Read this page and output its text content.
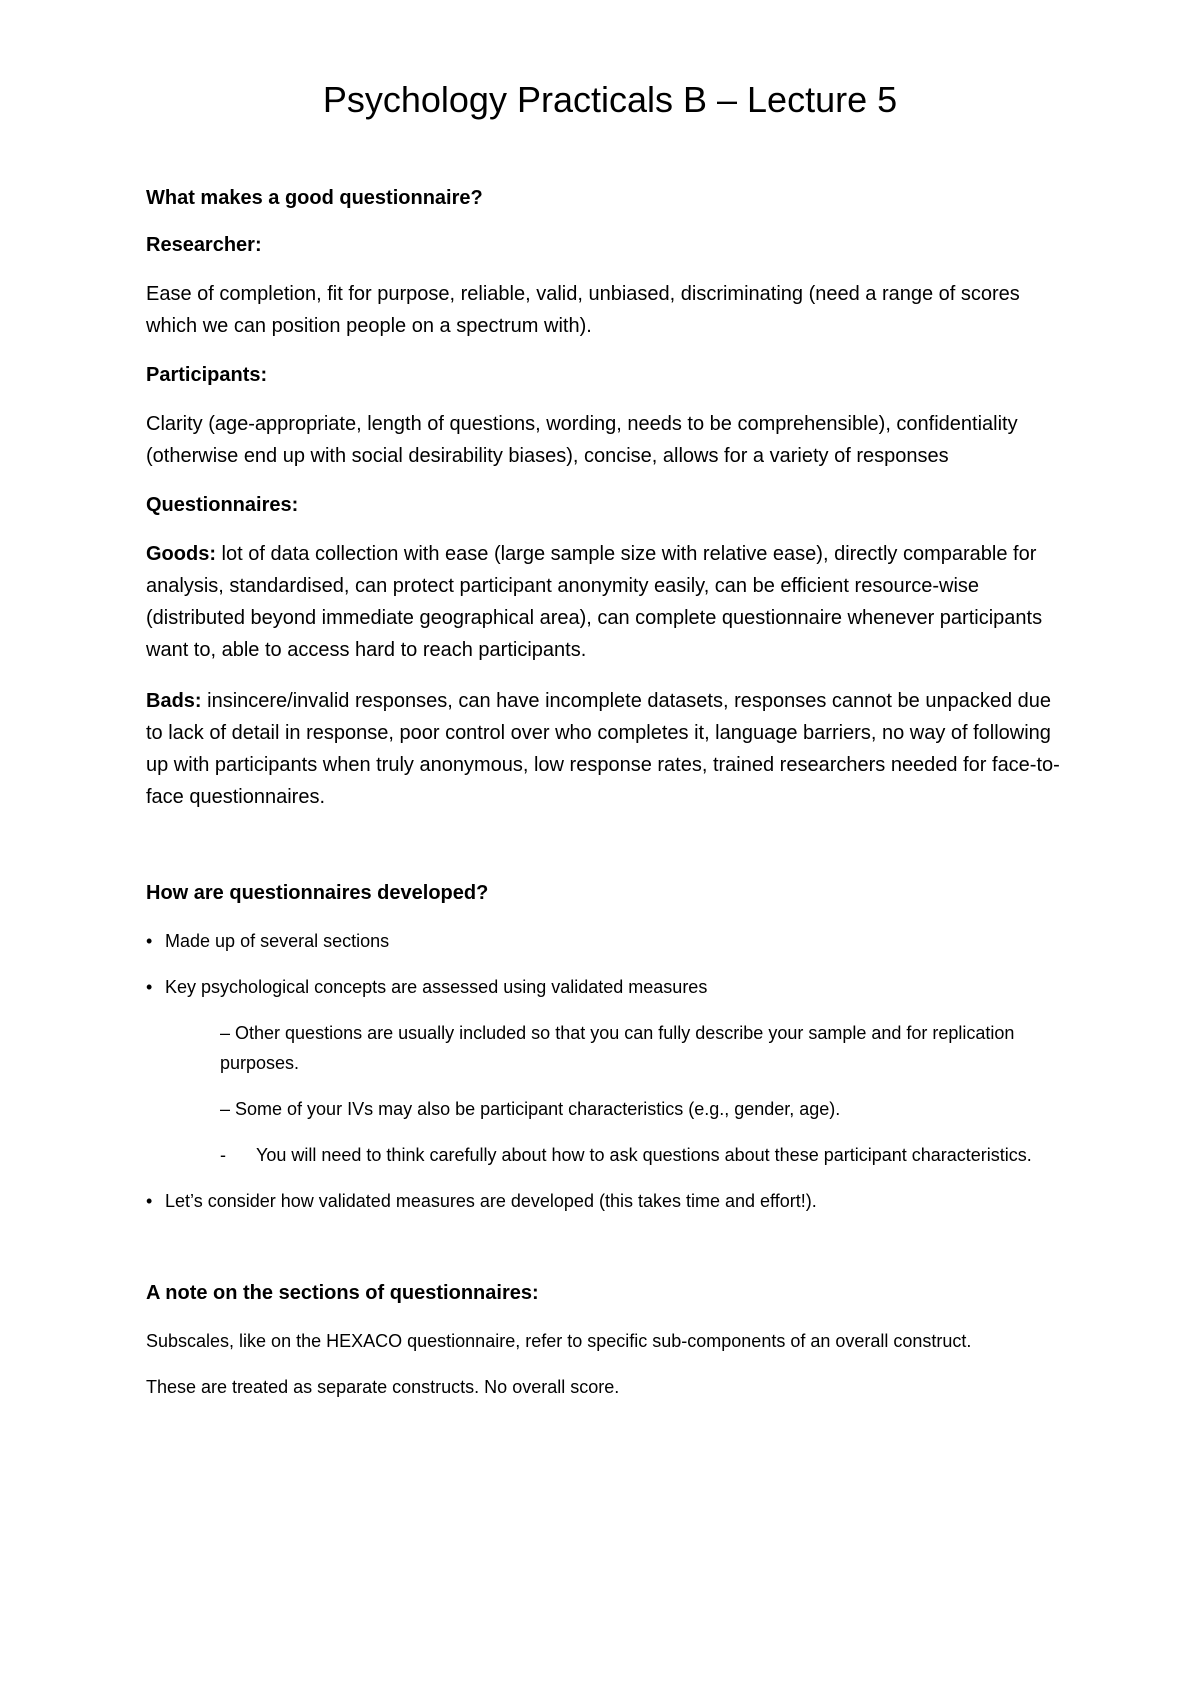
Psychology Practicals B – Lecture 5
What makes a good questionnaire?
Researcher:
Ease of completion, fit for purpose, reliable, valid, unbiased, discriminating (need a range of scores which we can position people on a spectrum with).
Participants:
Clarity (age-appropriate, length of questions, wording, needs to be comprehensible), confidentiality (otherwise end up with social desirability biases), concise, allows for a variety of responses
Questionnaires:
Goods: lot of data collection with ease (large sample size with relative ease), directly comparable for analysis, standardised, can protect participant anonymity easily, can be efficient resource-wise (distributed beyond immediate geographical area), can complete questionnaire whenever participants want to, able to access hard to reach participants.
Bads: insincere/invalid responses, can have incomplete datasets, responses cannot be unpacked due to lack of detail in response, poor control over who completes it, language barriers, no way of following up with participants when truly anonymous, low response rates, trained researchers needed for face-to-face questionnaires.
How are questionnaires developed?
• Made up of several sections
• Key psychological concepts are assessed using validated measures
– Other questions are usually included so that you can fully describe your sample and for replication purposes.
– Some of your IVs may also be participant characteristics (e.g., gender, age).
- You will need to think carefully about how to ask questions about these participant characteristics.
• Let’s consider how validated measures are developed (this takes time and effort!).
A note on the sections of questionnaires:
Subscales, like on the HEXACO questionnaire, refer to specific sub-components of an overall construct.
These are treated as separate constructs. No overall score.
